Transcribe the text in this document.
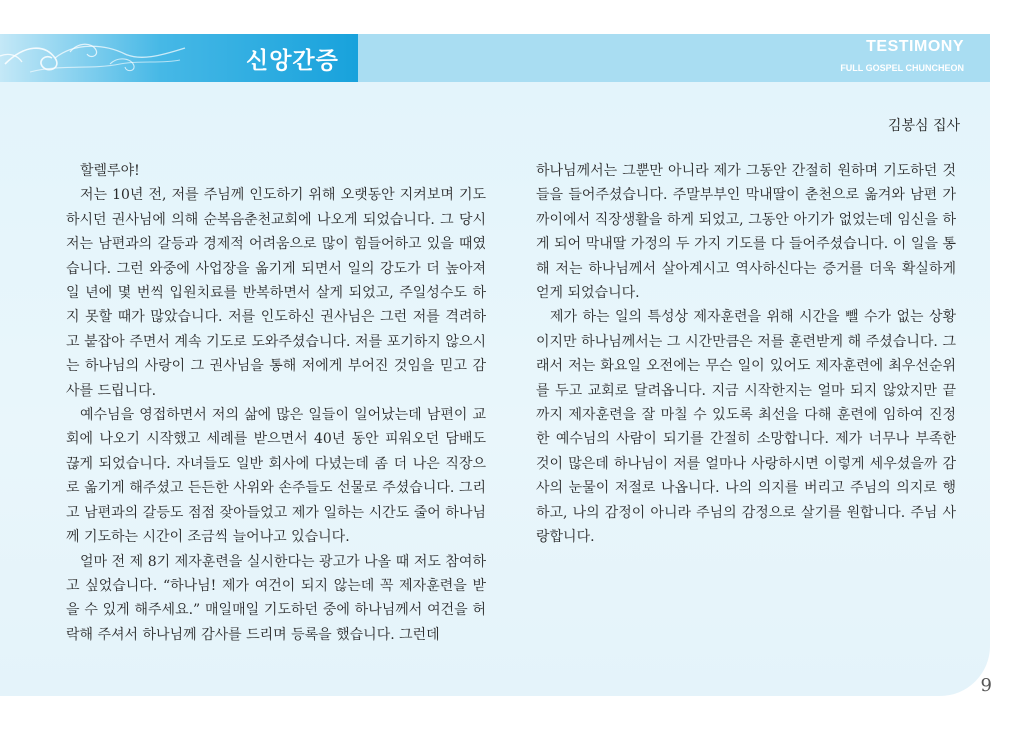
신앙간증
TESTIMONY
FULL GOSPEL CHUNCHEON
김봉심 집사

할렐루야!

저는 10년 전, 저를 주님께 인도하기 위해 오랫동안 지켜보며 기도하시던 권사님에 의해 순복음춘천교회에 나오게 되었습니다. 그 당시 저는 남편과의 갈등과 경제적 어려움으로 많이 힘들어하고 있을 때였습니다. 그런 와중에 사업장을 옮기게 되면서 일의 강도가 더 높아져 일 년에 몇 번씩 입원치료를 반복하면서 살게 되었고, 주일성수도 하지 못할 때가 많았습니다. 저를 인도하신 권사님은 그런 저를 격려하고 붙잡아 주면서 계속 기도로 도와주셨습니다. 저를 포기하지 않으시는 하나님의 사랑이 그 권사님을 통해 저에게 부어진 것임을 믿고 감사를 드립니다.

예수님을 영접하면서 저의 삶에 많은 일들이 일어났는데 남편이 교회에 나오기 시작했고 세례를 받으면서 40년 동안 피워오던 담배도 끊게 되었습니다. 자녀들도 일반 회사에 다녔는데 좀 더 나은 직장으로 옮기게 해주셨고 든든한 사위와 손주들도 선물로 주셨습니다. 그리고 남편과의 갈등도 점점 잦아들었고 제가 일하는 시간도 줄어 하나님께 기도하는 시간이 조금씩 늘어나고 있습니다.

얼마 전 제 8기 제자훈련을 실시한다는 광고가 나올 때 저도 참여하고 싶었습니다. “하나님! 제가 여건이 되지 않는데 꼭 제자훈련을 받을 수 있게 해주세요.” 매일매일 기도하던 중에 하나님께서 여건을 허락해 주셔서 하나님께 감사를 드리며 등록을 했습니다. 그런데

하나님께서는 그뿐만 아니라 제가 그동안 간절히 원하며 기도하던 것들을 들어주셨습니다. 주말부부인 막내딸이 춘천으로 옮겨와 남편 가까이에서 직장생활을 하게 되었고, 그동안 아기가 없었는데 임신을 하게 되어 막내딸 가정의 두 가지 기도를 다 들어주셨습니다. 이 일을 통해 저는 하나님께서 살아계시고 역사하신다는 증거를 더욱 확실하게 얻게 되었습니다.

제가 하는 일의 특성상 제자훈련을 위해 시간을 뺄 수가 없는 상황이지만 하나님께서는 그 시간만큼은 저를 훈련받게 해 주셨습니다. 그래서 저는 화요일 오전에는 무슨 일이 있어도 제자훈련에 최우선순위를 두고 교회로 달려옵니다. 지금 시작한지는 얼마 되지 않았지만 끝까지 제자훈련을 잘 마칠 수 있도록 최선을 다해 훈련에 임하여 진정한 예수님의 사람이 되기를 간절히 소망합니다. 제가 너무나 부족한 것이 많은데 하나님이 저를 얼마나 사랑하시면 이렇게 세우셨을까 감사의 눈물이 저절로 나옵니다. 나의 의지를 버리고 주님의 의지로 행하고, 나의 감정이 아니라 주님의 감정으로 살기를 원합니다. 주님 사랑합니다.

9
